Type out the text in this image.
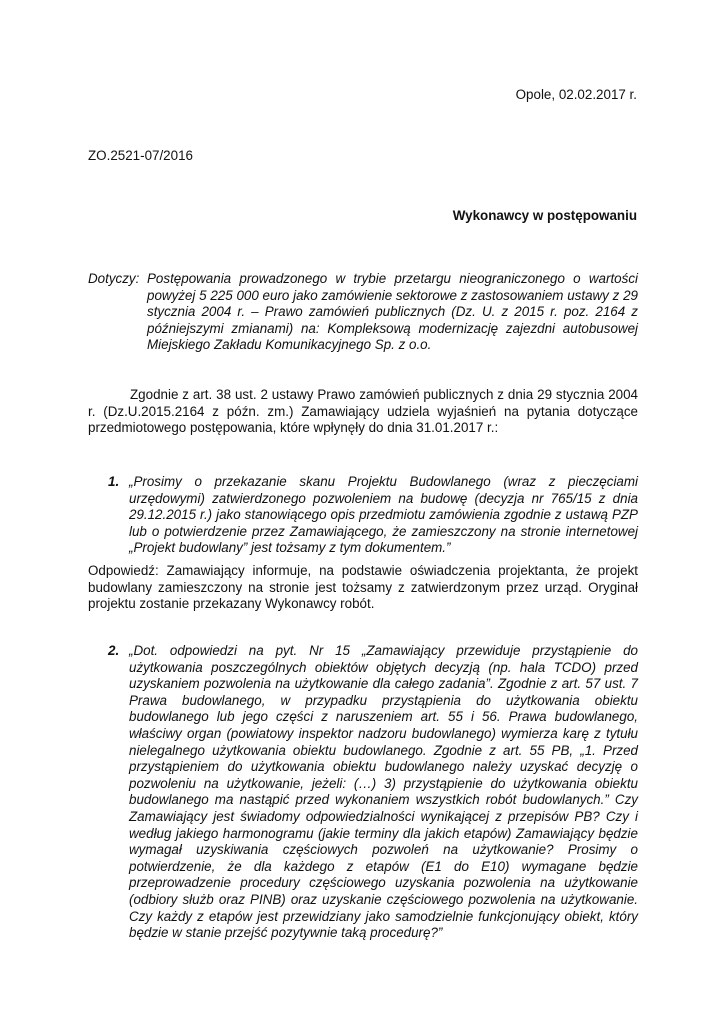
Opole, 02.02.2017 r.
ZO.2521-07/2016
Wykonawcy w postępowaniu
Dotyczy: Postępowania prowadzonego w trybie przetargu nieograniczonego o wartości powyżej 5 225 000 euro jako zamówienie sektorowe z zastosowaniem ustawy z 29 stycznia 2004 r. – Prawo zamówień publicznych (Dz. U. z 2015 r. poz. 2164 z późniejszymi zmianami) na: Kompleksową modernizację zajezdni autobusowej Miejskiego Zakładu Komunikacyjnego Sp. z o.o.
Zgodnie z art. 38 ust. 2 ustawy Prawo zamówień publicznych z dnia 29 stycznia 2004 r. (Dz.U.2015.2164 z późn. zm.) Zamawiający udziela wyjaśnień na pytania dotyczące przedmiotowego postępowania, które wpłynęły do dnia 31.01.2017 r.:
1. „Prosimy o przekazanie skanu Projektu Budowlanego (wraz z pieczęciami urzędowymi) zatwierdzonego pozwoleniem na budowę (decyzja nr 765/15 z dnia 29.12.2015 r.) jako stanowiącego opis przedmiotu zamówienia zgodnie z ustawą PZP lub o potwierdzenie przez Zamawiającego, że zamieszczony na stronie internetowej „Projekt budowlany” jest tożsamy z tym dokumentem.”
Odpowiedź: Zamawiający informuje, na podstawie oświadczenia projektanta, że projekt budowlany zamieszczony na stronie jest tożsamy z zatwierdzonym przez urząd. Oryginał projektu zostanie przekazany Wykonawcy robót.
2. „Dot. odpowiedzi na pyt. Nr 15 „Zamawiający przewiduje przystąpienie do użytkowania poszczególnych obiektów objętych decyzją (np. hala TCDO) przed uzyskaniem pozwolenia na użytkowanie dla całego zadania”. Zgodnie z art. 57 ust. 7 Prawa budowlanego, w przypadku przystąpienia do użytkowania obiektu budowlanego lub jego części z naruszeniem art. 55 i 56. Prawa budowlanego, właściwy organ (powiatowy inspektor nadzoru budowlanego) wymierza karę z tytułu nielegalnego użytkowania obiektu budowlanego. Zgodnie z art. 55 PB, „1. Przed przystąpieniem do użytkowania obiektu budowlanego należy uzyskać decyzję o pozwoleniu na użytkowanie, jeżeli: (…) 3) przystąpienie do użytkowania obiektu budowlanego ma nastąpić przed wykonaniem wszystkich robót budowlanych.” Czy Zamawiający jest świadomy odpowiedzialności wynikającej z przepisów PB? Czy i według jakiego harmonogramu (jakie terminy dla jakich etapów) Zamawiający będzie wymagał uzyskiwania częściowych pozwoleń na użytkowanie? Prosimy o potwierdzenie, że dla każdego z etapów (E1 do E10) wymagane będzie przeprowadzenie procedury częściowego uzyskania pozwolenia na użytkowanie (odbiory służb oraz PINB) oraz uzyskanie częściowego pozwolenia na użytkowanie. Czy każdy z etapów jest przewidziany jako samodzielnie funkcjonujący obiekt, który będzie w stanie przejść pozytywnie taką procedurę?”
